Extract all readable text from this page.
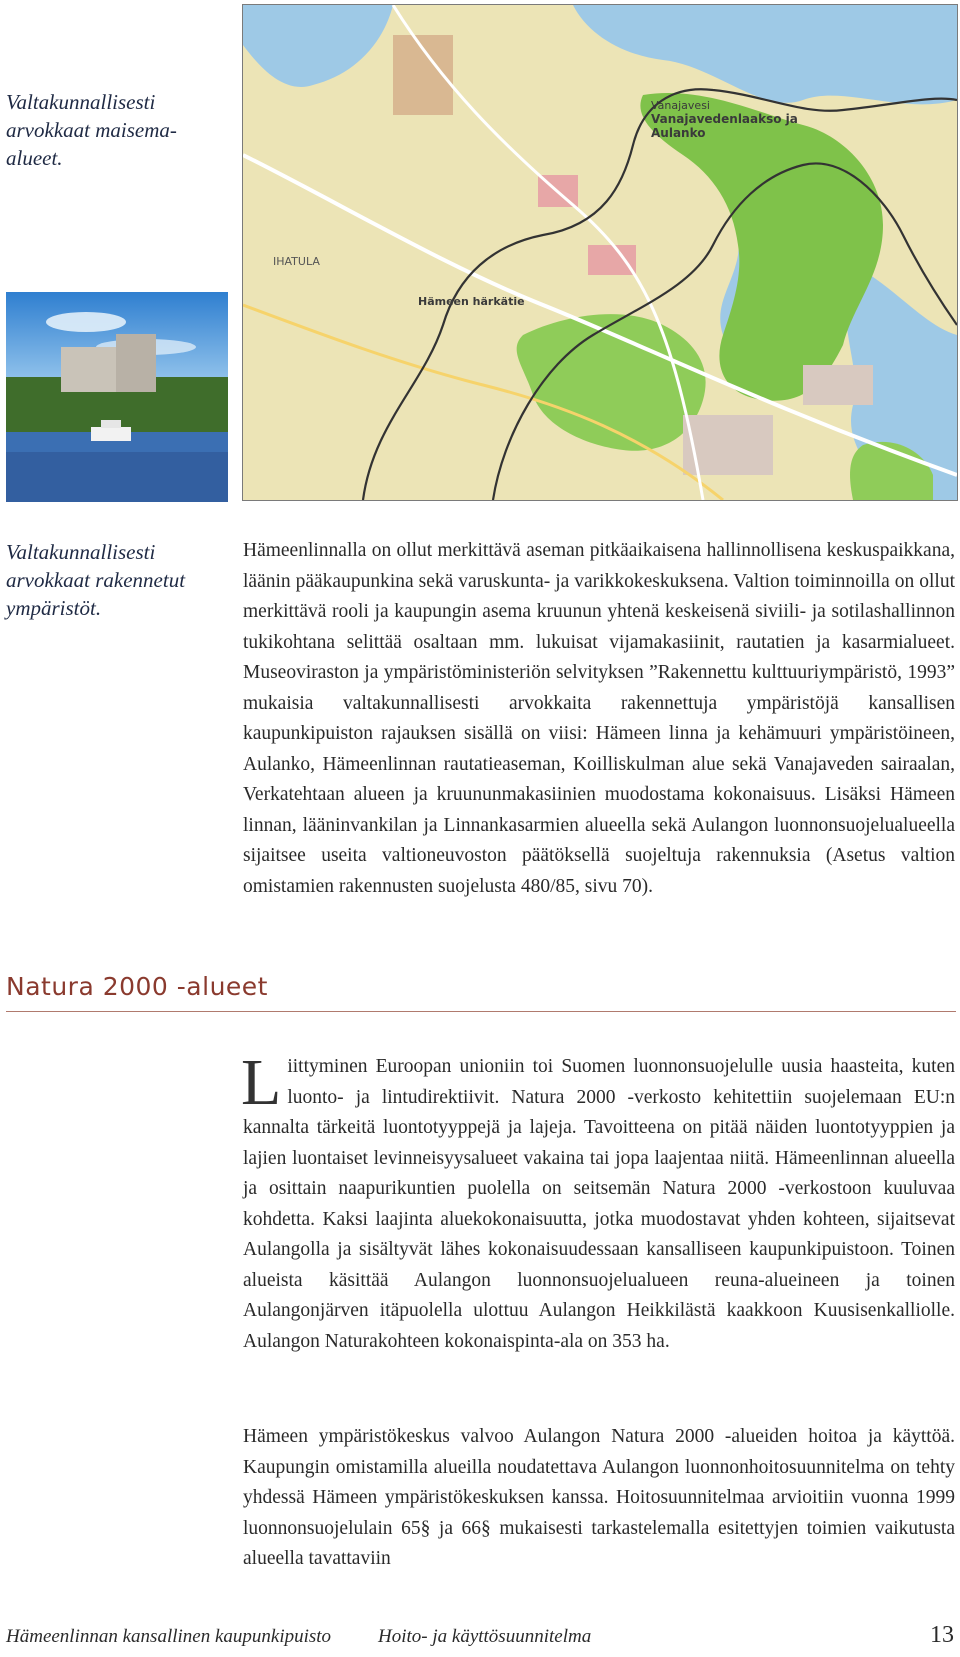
Valtakunnallisesti
arvokkaat maisema-
alueet.
Vanajavesi
Vanajavedenlaakso ja
Aulanko
IHATULA
Hämeen härkätie
Valtakunnallisesti
arvokkaat rakennetut
ympäristöt.

Hämeenlinnalla on ollut merkittävä aseman pitkäaikaisena hallinnollisena keskuspaikkana, läänin pääkaupunkina sekä varuskunta- ja varikkokeskuksena. Valtion toiminnoilla on ollut merkittävä rooli ja kaupungin asema kruunun yhtenä keskeisenä siviili- ja sotilashallinnon tukikohtana selittää osaltaan mm. lukuisat vijamakasiinit, rautatien ja kasarmialueet. Museoviraston ja ympäristöministeriön selvityksen ”Rakennettu kulttuuriympäristö, 1993” mukaisia valtakunnallisesti arvokkaita rakennettuja ympäristöjä kansallisen kaupunkipuiston rajauksen sisällä on viisi: Hämeen linna ja kehämuuri ympäristöineen, Aulanko, Hämeenlinnan rautatieaseman, Koilliskulman alue sekä Vanajaveden sairaalan, Verkatehtaan alueen ja kruununmakasiinien muodostama kokonaisuus. Lisäksi Hämeen linnan, lääninvankilan ja Linnankasarmien alueella sekä Aulangon luonnonsuojelualueella sijaitsee useita valtioneuvoston päätöksellä suojeltuja rakennuksia (Asetus valtion omistamien rakennusten suojelusta 480/85, sivu 70).

Natura 2000 -alueet

L iittyminen Euroopan unioniin toi Suomen luonnonsuojelulle uusia haasteita, kuten luonto- ja lintudirektiivit. Natura 2000 -verkosto kehitettiin suojelemaan EU:n kannalta tärkeitä luontotyyppejä ja lajeja. Tavoitteena on pitää näiden luontotyyppien ja lajien luontaiset levinneisyysalueet vakaina tai jopa laajentaa niitä. Hämeenlinnan alueella ja osittain naapurikuntien puolella on seitsemän Natura 2000 -verkostoon kuuluvaa kohdetta. Kaksi laajinta aluekokonaisuutta, jotka muodostavat yhden kohteen, sijaitsevat Aulangolla ja sisältyvät lähes kokonaisuudessaan kansalliseen kaupunkipuistoon. Toinen alueista käsittää Aulangon luonnonsuojelualueen reuna-alueineen ja toinen Aulangonjärven itäpuolella ulottuu Aulangon Heikkilästä kaakkoon Kuusisenkalliolle. Aulangon Naturakohteen kokonaispinta-ala on 353 ha.

Hämeen ympäristökeskus valvoo Aulangon Natura 2000 -alueiden hoitoa ja käyttöä. Kaupungin omistamilla alueilla noudatettava Aulangon luonnonhoitosuunnitelma on tehty yhdessä Hämeen ympäristökeskuksen kanssa. Hoitosuunnitelmaa arvioitiin vuonna 1999 luonnonsuojelulain 65§ ja 66§ mukaisesti tarkastelemalla esitettyjen toimien vaikutusta alueella tavattaviin

Hämeenlinnan kansallinen kaupunkipuisto Hoito- ja käyttösuunnitelma	13
